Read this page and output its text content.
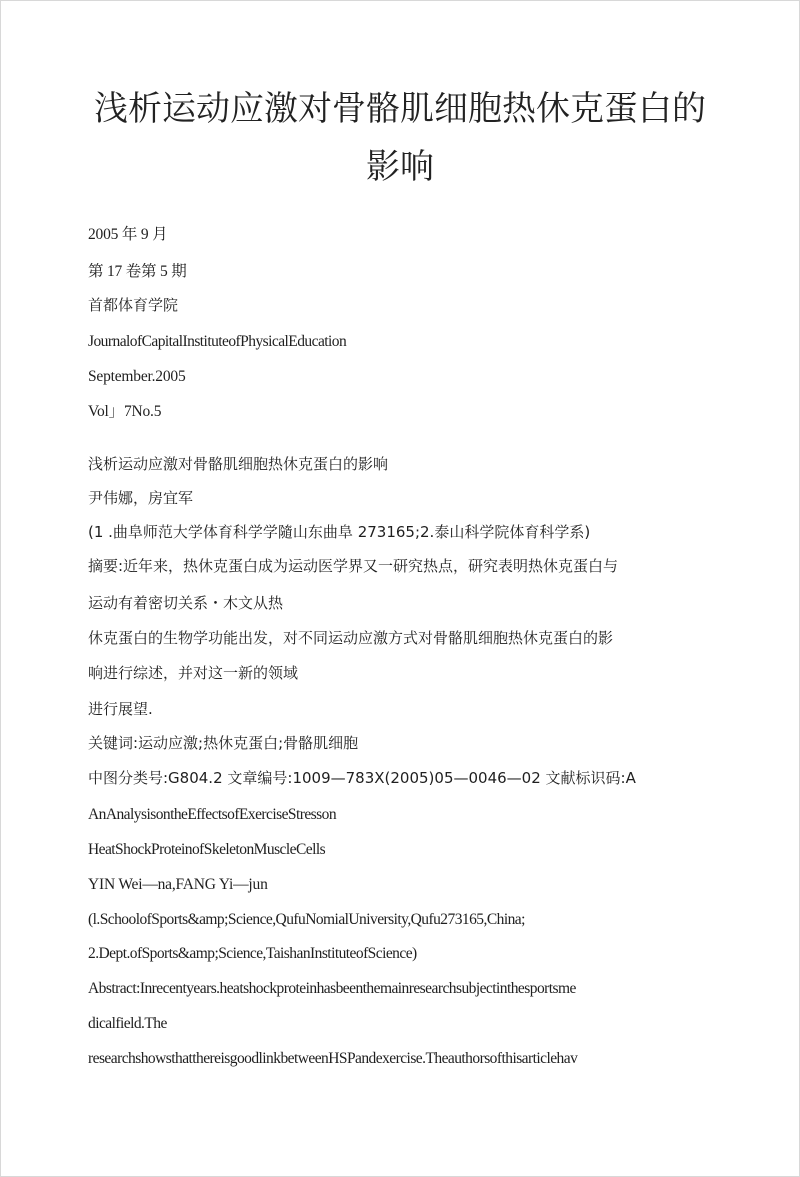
浅析运动应激对骨骼肌细胞热休克蛋白的
影响
2005 年 9 月
第 17 卷第 5 期
首都体育学院
JournalofCapitalInstituteofPhysicalEducation
September.2005
Vol」7No.5
浅析运动应激对骨骼肌细胞热休克蛋白的影响
尹伟娜，房宜军
(1 .曲阜师范大学体育科学学隨山东曲阜 273165;2.泰山科学院体育科学系)
摘要:近年来，热休克蛋白成为运动医学界又一研究热点，研究表明热休克蛋白与
运动有着密切关系・木文从热
休克蛋白的生物学功能出发，对不同运动应激方式对骨骼肌细胞热休克蛋白的影
响进行综述，并对这一新的领域
进行展望.
关键词:运动应激;热休克蛋白;骨骼肌细胞
中图分类号:G804.2 文章编号:1009—783X(2005)05—0046—02 文献标识码:A
AnAnalysisontheEffectsofExerciseStresson
HeatShockProteinofSkeletonMuscleCells
YIN Wei—na,FANG Yi—jun
(l.SchoolofSports&amp;Science,QufuNomialUniversity,Qufu273165,China;
2.Dept.ofSports&amp;Science,TaishanInstituteofScience)
Abstract:Inrecentyears.heatshockproteinhasbeenthemainresearchsubjectinthesportsme
dicalfield.The
researchshowsthatthereisgoodlinkbetweenHSPandexercise.Theauthorsofthisarticlehav
